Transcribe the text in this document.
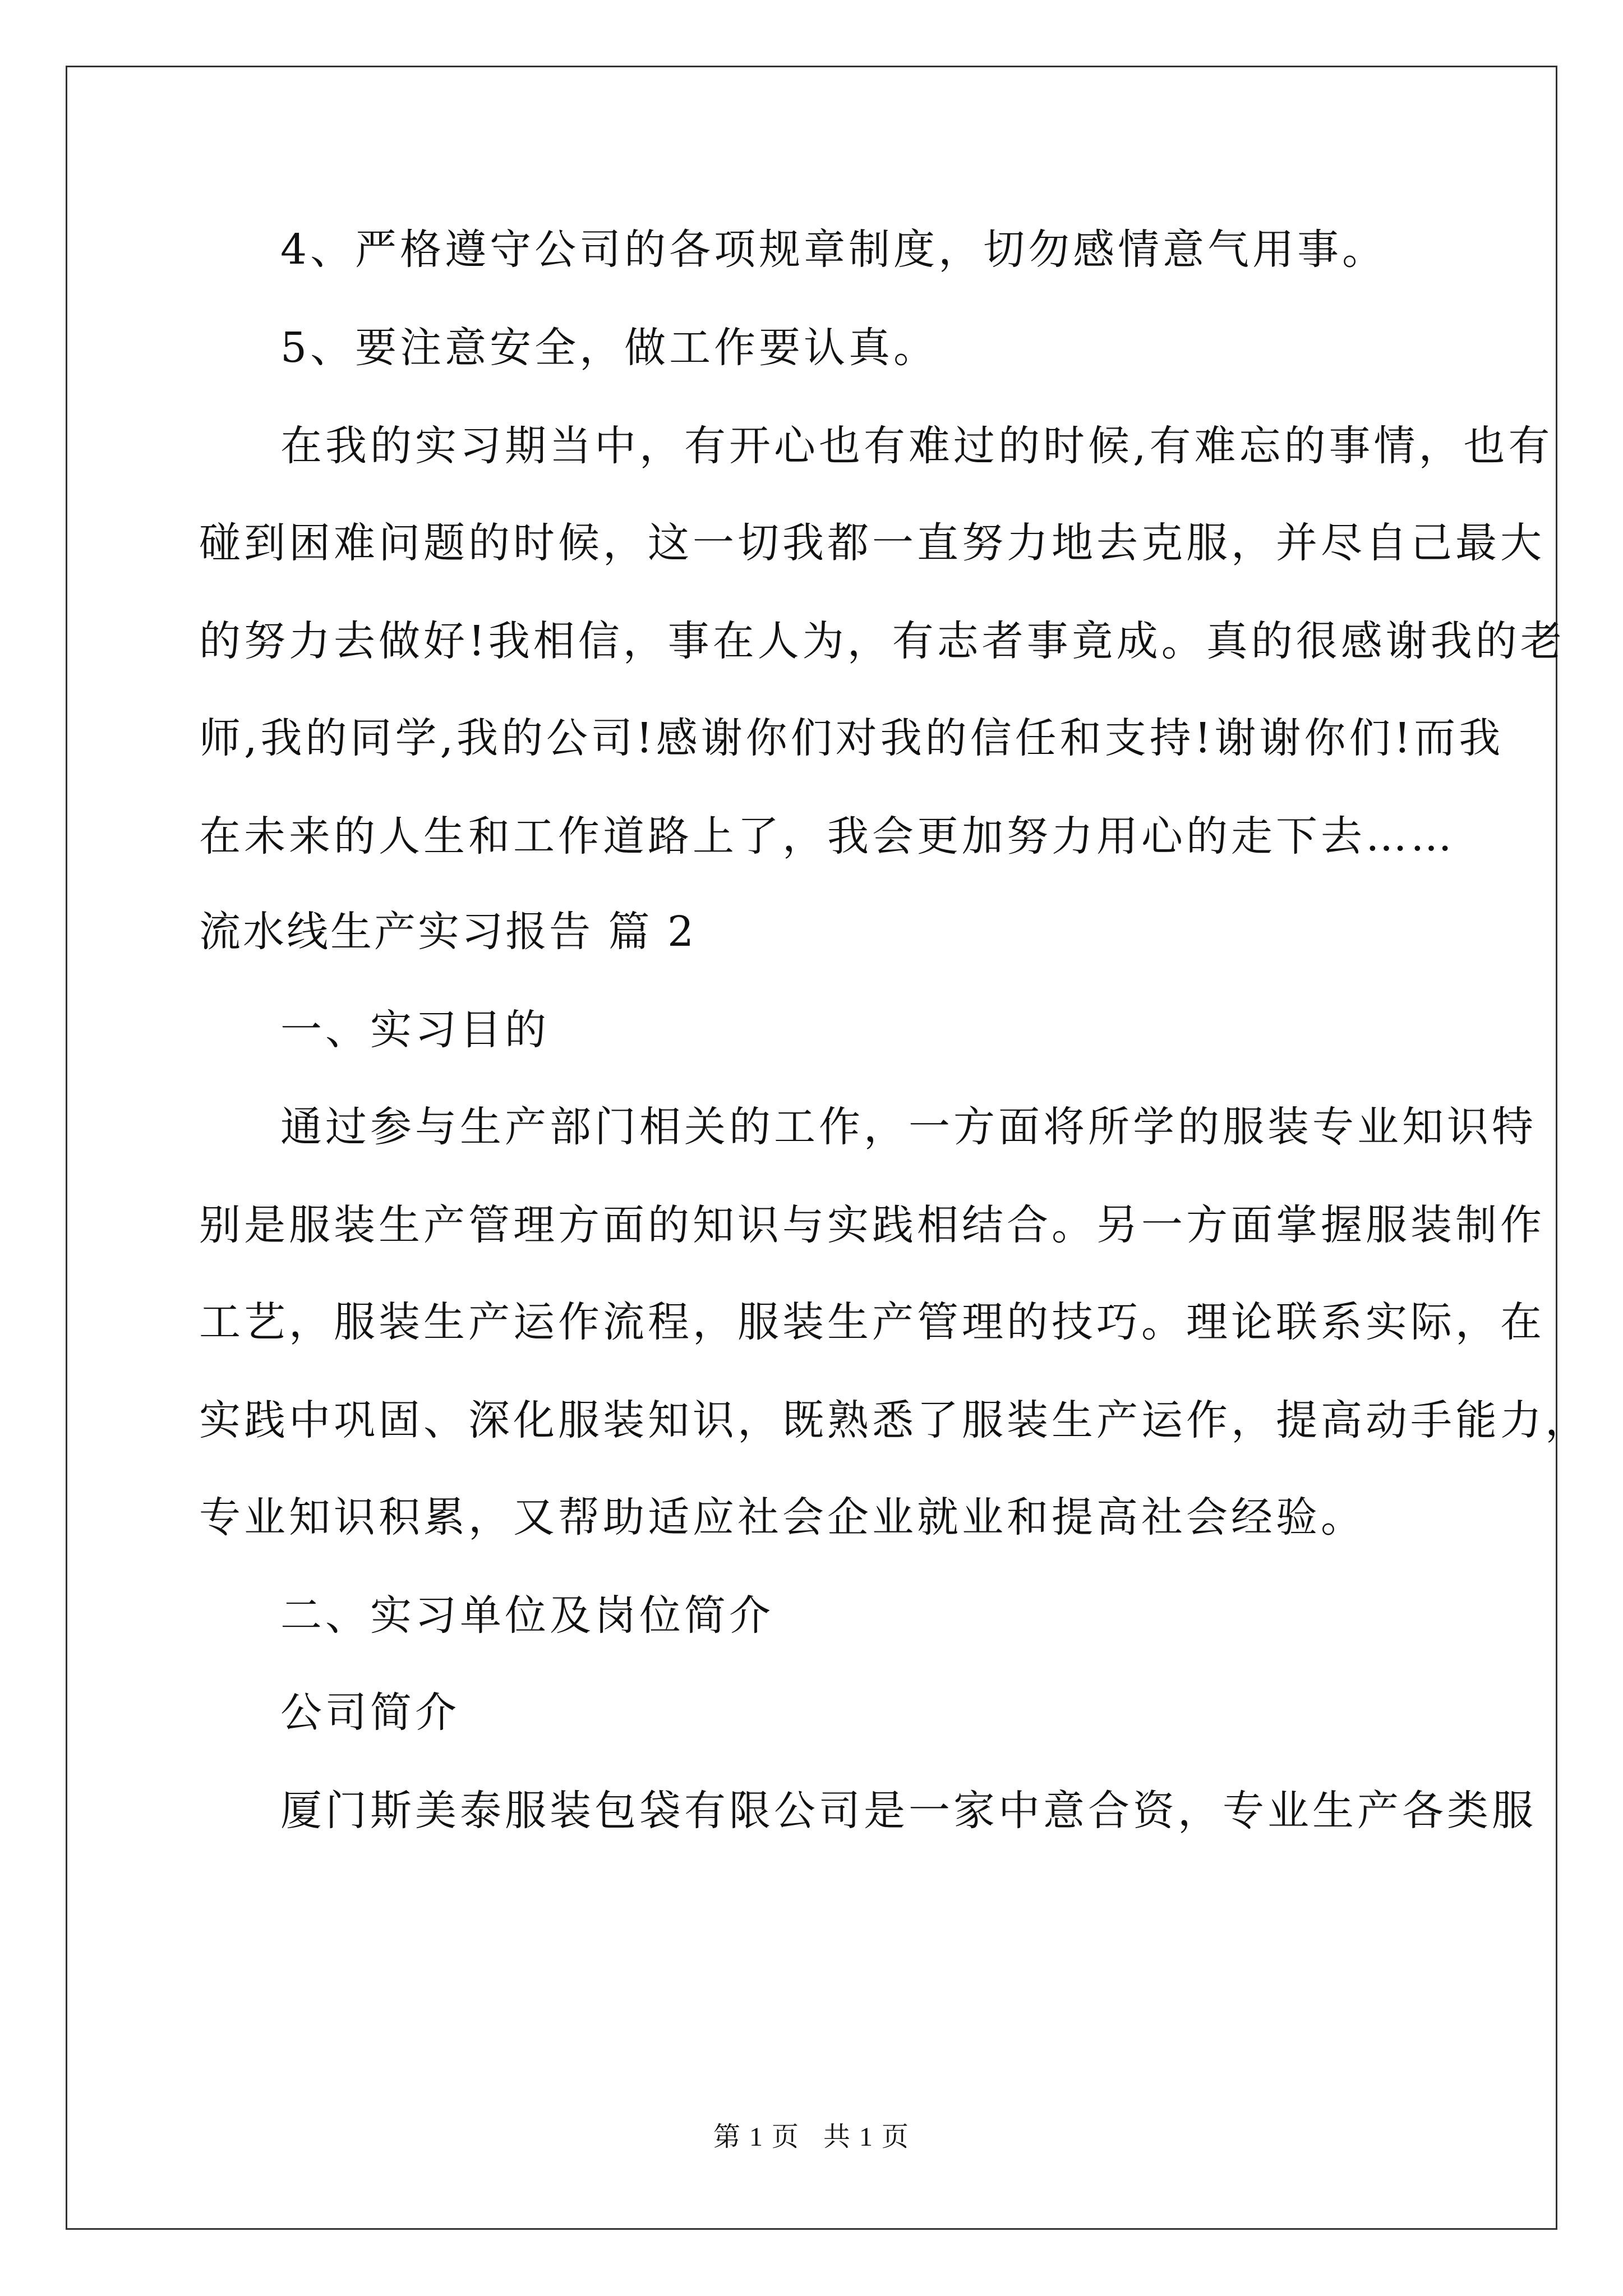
4、严格遵守公司的各项规章制度，切勿感情意气用事。
5、要注意安全，做工作要认真。
在我的实习期当中，有开心也有难过的时候,有难忘的事情，也有
碰到困难问题的时候，这一切我都一直努力地去克服，并尽自己最大
的努力去做好!我相信，事在人为，有志者事竟成。真的很感谢我的老
师,我的同学,我的公司!感谢你们对我的信任和支持!谢谢你们!而我
在未来的人生和工作道路上了，我会更加努力用心的走下去……
流水线生产实习报告 篇 2
一、实习目的
通过参与生产部门相关的工作，一方面将所学的服装专业知识特
别是服装生产管理方面的知识与实践相结合。另一方面掌握服装制作
工艺，服装生产运作流程，服装生产管理的技巧。理论联系实际，在
实践中巩固、深化服装知识，既熟悉了服装生产运作，提高动手能力，
专业知识积累，又帮助适应社会企业就业和提高社会经验。
二、实习单位及岗位简介
公司简介
厦门斯美泰服装包袋有限公司是一家中意合资，专业生产各类服
第 1 页 共 1 页
